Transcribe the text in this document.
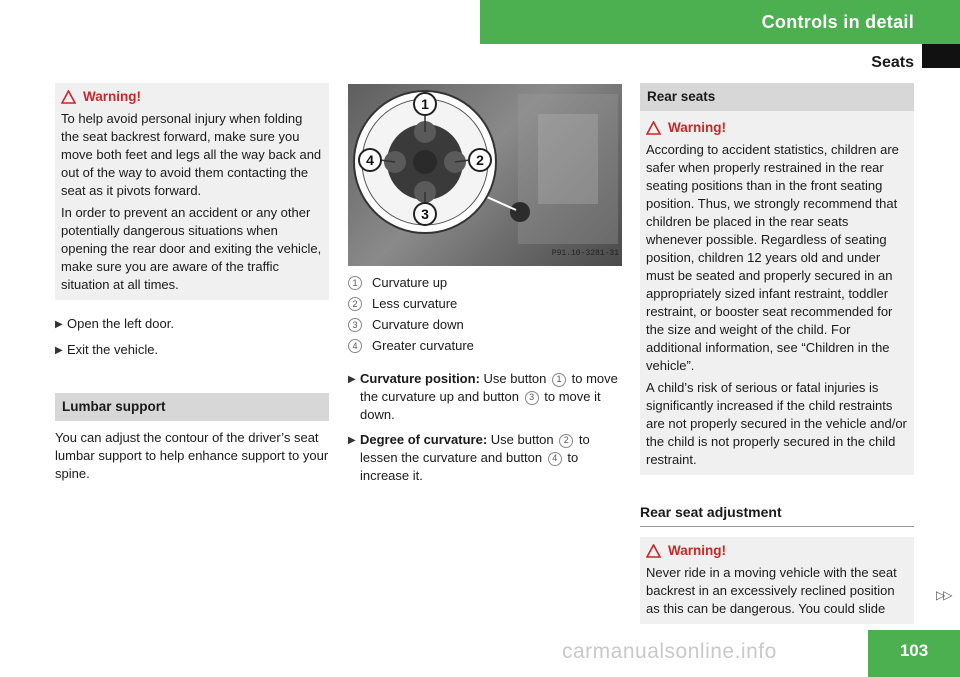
Controls in detail
Seats
Warning!

To help avoid personal injury when folding the seat backrest forward, make sure you move both feet and legs all the way back and out of the way to avoid them contacting the seat as it pivots forward.

In order to prevent an accident or any other potentially dangerous situations when opening the rear door and exiting the vehicle, make sure you are aware of the traffic situation at all times.

▶ Open the left door.
▶ Exit the vehicle.
Lumbar support

You can adjust the contour of the driver’s seat lumbar support to help enhance support to your spine.

1
2
3
4
P91.10-3281-31
1	Curvature up
2	Less curvature
3	Curvature down
4	Greater curvature
▶ Curvature position: Use button 1 to move the curvature up and button 3 to move it down.
▶ Degree of curvature: Use button 2 to lessen the curvature and button 4 to increase it.
Rear seats
Warning!

According to accident statistics, children are safer when properly restrained in the rear seating positions than in the front seating position. Thus, we strongly recommend that children be placed in the rear seats whenever possible. Regardless of seating position, children 12 years old and under must be seated and properly secured in an appropriately sized infant restraint, toddler restraint, or booster seat recommended for the size and weight of the child. For additional information, see “Children in the vehicle”.

A child’s risk of serious or fatal injuries is significantly increased if the child restraints are not properly secured in the vehicle and/or the child is not properly secured in the child restraint.

Rear seat adjustment
Warning!

Never ride in a moving vehicle with the seat backrest in an excessively reclined position as this can be dangerous. You could slide

▷▷
carmanualsonline.info	103
